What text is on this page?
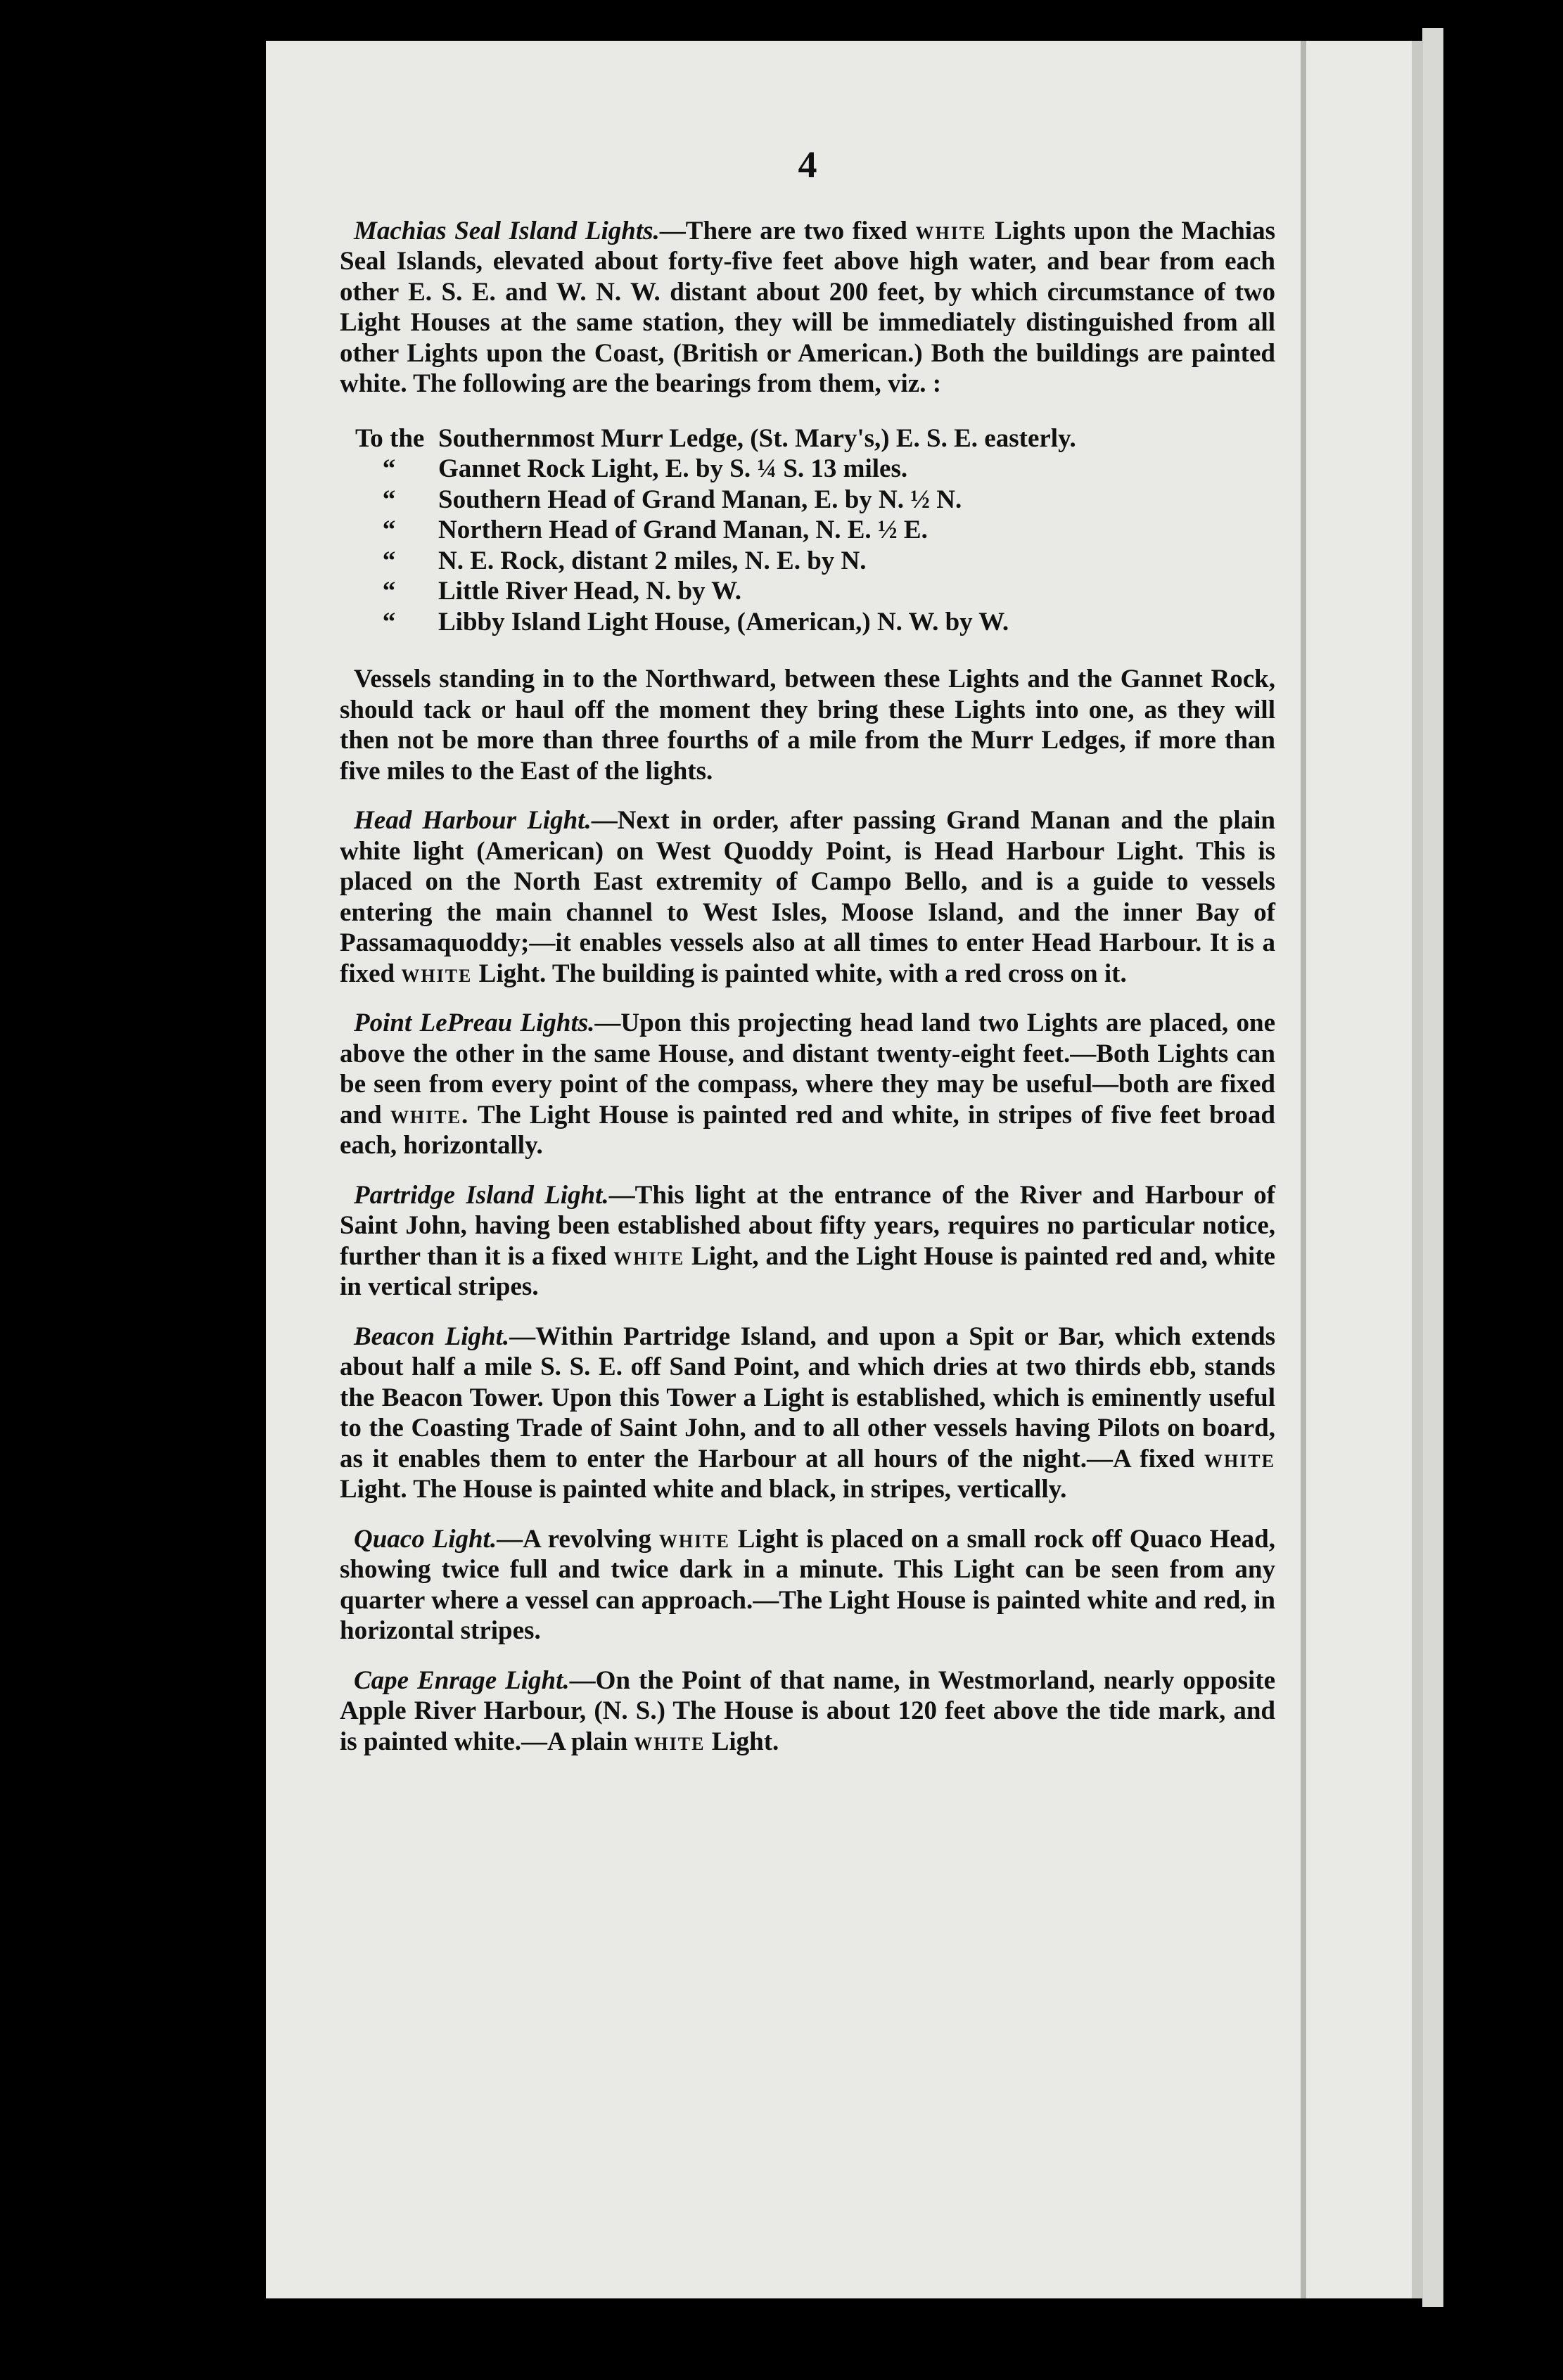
4

Machias Seal Island Lights.—There are two fixed white Lights upon the Machias Seal Islands, elevated about forty-five feet above high water, and bear from each other E. S. E. and W. N. W. distant about 200 feet, by which circumstance of two Light Houses at the same station, they will be immediately distinguished from all other Lights upon the Coast, (British or American.) Both the buildings are painted white. The following are the bearings from them, viz. :

To the Southernmost Murr Ledge, (St. Mary's,) E. S. E. easterly.
“	Gannet Rock Light, E. by S. ¼ S. 13 miles.
“	Southern Head of Grand Manan, E. by N. ½ N.
“	Northern Head of Grand Manan, N. E. ½ E.
“	N. E. Rock, distant 2 miles, N. E. by N.
“	Little River Head, N. by W.
“	Libby Island Light House, (American,) N. W. by W.

Vessels standing in to the Northward, between these Lights and the Gannet Rock, should tack or haul off the moment they bring these Lights into one, as they will then not be more than three fourths of a mile from the Murr Ledges, if more than five miles to the East of the lights.

Head Harbour Light.—Next in order, after passing Grand Manan and the plain white light (American) on West Quoddy Point, is Head Harbour Light. This is placed on the North East extremity of Campo Bello, and is a guide to vessels entering the main channel to West Isles, Moose Island, and the inner Bay of Passamaquoddy;—it enables vessels also at all times to enter Head Harbour. It is a fixed white Light. The building is painted white, with a red cross on it.

Point LePreau Lights.—Upon this projecting head land two Lights are placed, one above the other in the same House, and distant twenty-eight feet.—Both Lights can be seen from every point of the compass, where they may be useful—both are fixed and white. The Light House is painted red and white, in stripes of five feet broad each, horizontally.

Partridge Island Light.—This light at the entrance of the River and Harbour of Saint John, having been established about fifty years, requires no particular notice, further than it is a fixed white Light, and the Light House is painted red and, white in vertical stripes.

Beacon Light.—Within Partridge Island, and upon a Spit or Bar, which extends about half a mile S. S. E. off Sand Point, and which dries at two thirds ebb, stands the Beacon Tower. Upon this Tower a Light is established, which is eminently useful to the Coasting Trade of Saint John, and to all other vessels having Pilots on board, as it enables them to enter the Harbour at all hours of the night.—A fixed white Light. The House is painted white and black, in stripes, vertically.

Quaco Light.—A revolving white Light is placed on a small rock off Quaco Head, showing twice full and twice dark in a minute. This Light can be seen from any quarter where a vessel can approach.—The Light House is painted white and red, in horizontal stripes.

Cape Enrage Light.—On the Point of that name, in Westmorland, nearly opposite Apple River Harbour, (N. S.) The House is about 120 feet above the tide mark, and is painted white.—A plain white Light.
